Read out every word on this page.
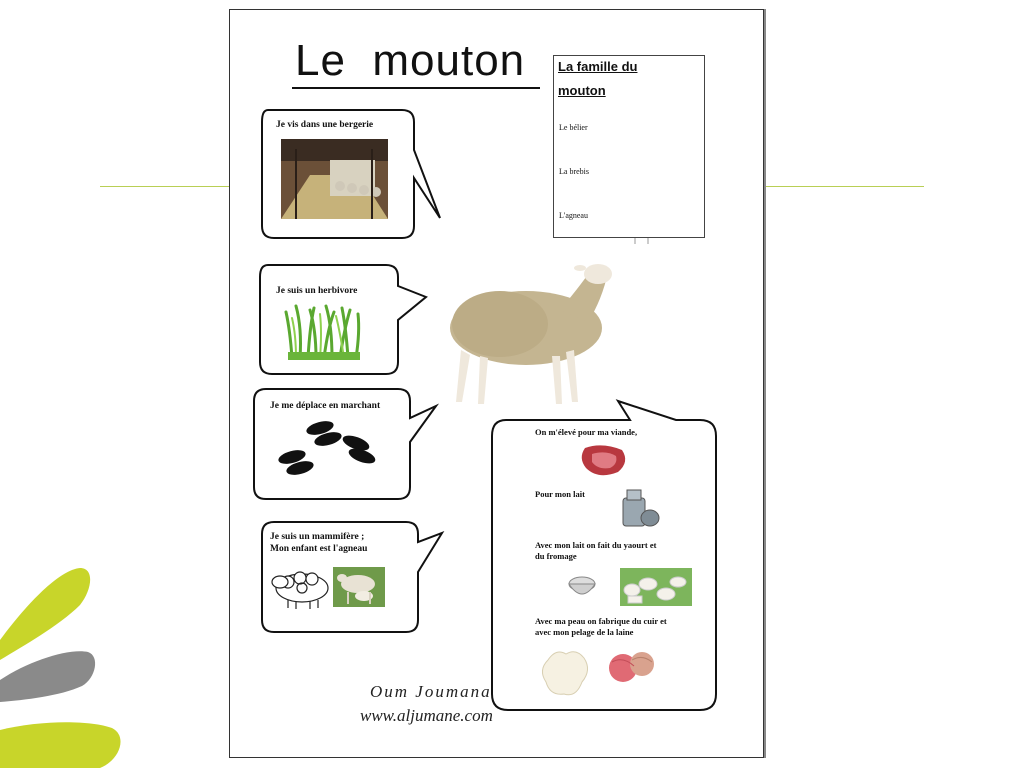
Le  mouton	La famille du
mouton
Le bélier
La brebis
L'agneau
Je vis dans une bergerie
Je suis un herbivore
Je me déplace en marchant
Je suis un mammifère ;
Mon enfant est l'agneau
On m'élevé pour ma viande,
Pour mon lait
Avec mon lait on fait du yaourt et
du fromage
Avec ma peau on fabrique du cuir et
avec mon pelage de la laine
Oum Joumana
www.aljumane.com
